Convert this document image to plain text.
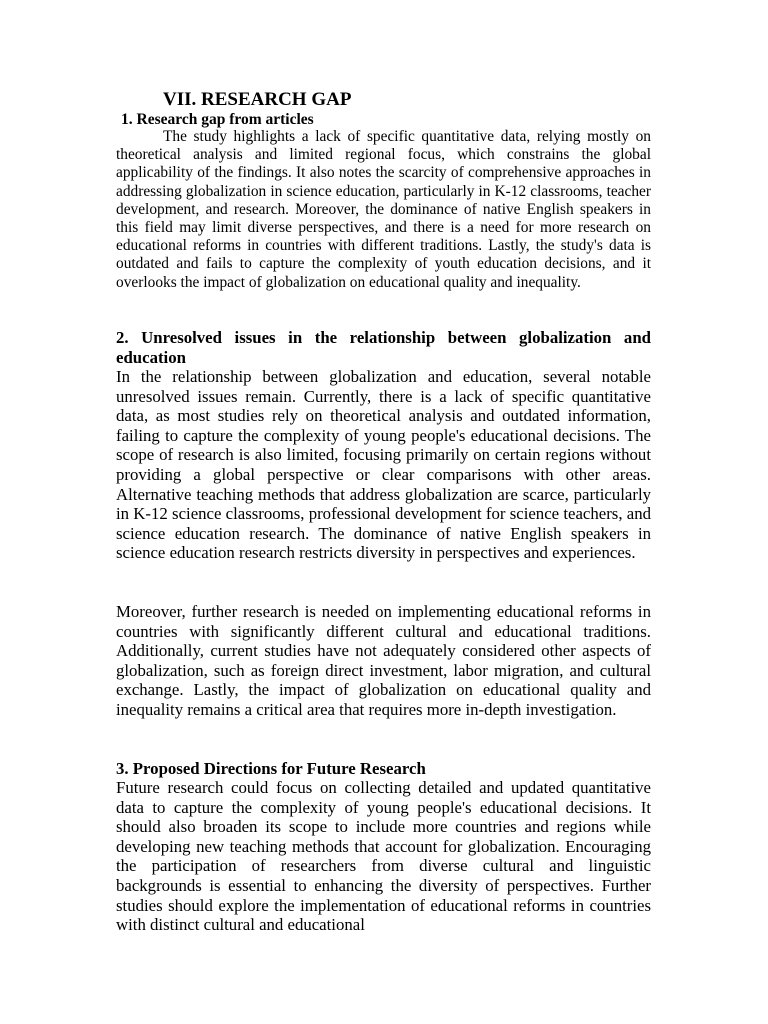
VII. RESEARCH GAP
1. Research gap from articles

The study highlights a lack of specific quantitative data, relying mostly on theoretical analysis and limited regional focus, which constrains the global applicability of the findings. It also notes the scarcity of comprehensive approaches in addressing globalization in science education, particularly in K-12 classrooms, teacher development, and research. Moreover, the dominance of native English speakers in this field may limit diverse perspectives, and there is a need for more research on educational reforms in countries with different traditions. Lastly, the study's data is outdated and fails to capture the complexity of youth education decisions, and it overlooks the impact of globalization on educational quality and inequality.

2. Unresolved issues in the relationship between globalization and education

In the relationship between globalization and education, several notable unresolved issues remain. Currently, there is a lack of specific quantitative data, as most studies rely on theoretical analysis and outdated information, failing to capture the complexity of young people's educational decisions. The scope of research is also limited, focusing primarily on certain regions without providing a global perspective or clear comparisons with other areas. Alternative teaching methods that address globalization are scarce, particularly in K-12 science classrooms, professional development for science teachers, and science education research. The dominance of native English speakers in science education research restricts diversity in perspectives and experiences.

Moreover, further research is needed on implementing educational reforms in countries with significantly different cultural and educational traditions. Additionally, current studies have not adequately considered other aspects of globalization, such as foreign direct investment, labor migration, and cultural exchange. Lastly, the impact of globalization on educational quality and inequality remains a critical area that requires more in-depth investigation.

3. Proposed Directions for Future Research

Future research could focus on collecting detailed and updated quantitative data to capture the complexity of young people's educational decisions. It should also broaden its scope to include more countries and regions while developing new teaching methods that account for globalization. Encouraging the participation of researchers from diverse cultural and linguistic backgrounds is essential to enhancing the diversity of perspectives. Further studies should explore the implementation of educational reforms in countries with distinct cultural and educational
